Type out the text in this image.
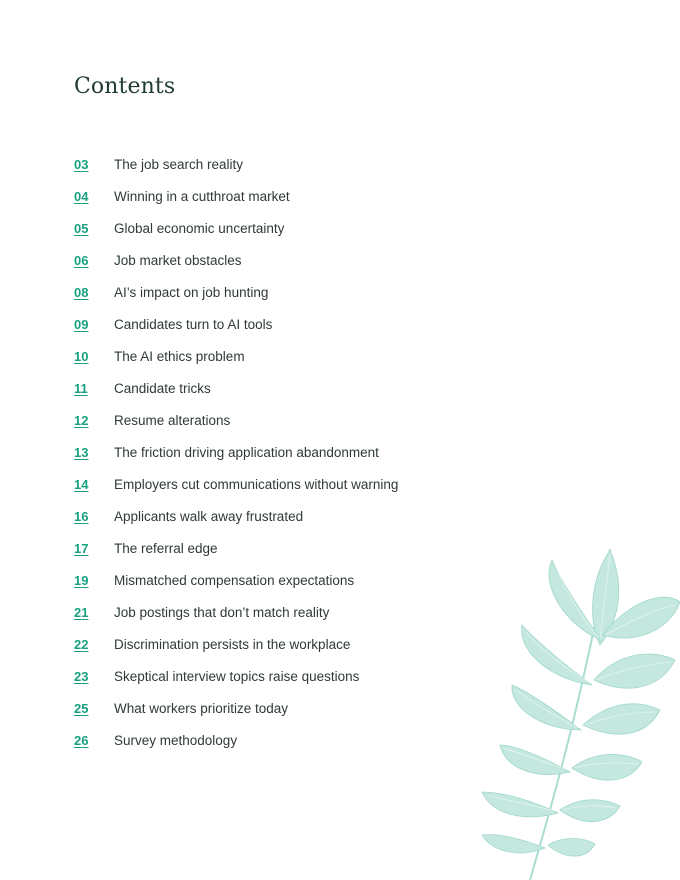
Contents
03	The job search reality
04	Winning in a cutthroat market
05	Global economic uncertainty
06	Job market obstacles
08	AI’s impact on job hunting
09	Candidates turn to AI tools
10	The AI ethics problem
11	Candidate tricks
12	Resume alterations
13	The friction driving application abandonment
14	Employers cut communications without warning
16	Applicants walk away frustrated
17	The referral edge
19	Mismatched compensation expectations
21	Job postings that don’t match reality
22	Discrimination persists in the workplace
23	Skeptical interview topics raise questions
25	What workers prioritize today
26	Survey methodology
